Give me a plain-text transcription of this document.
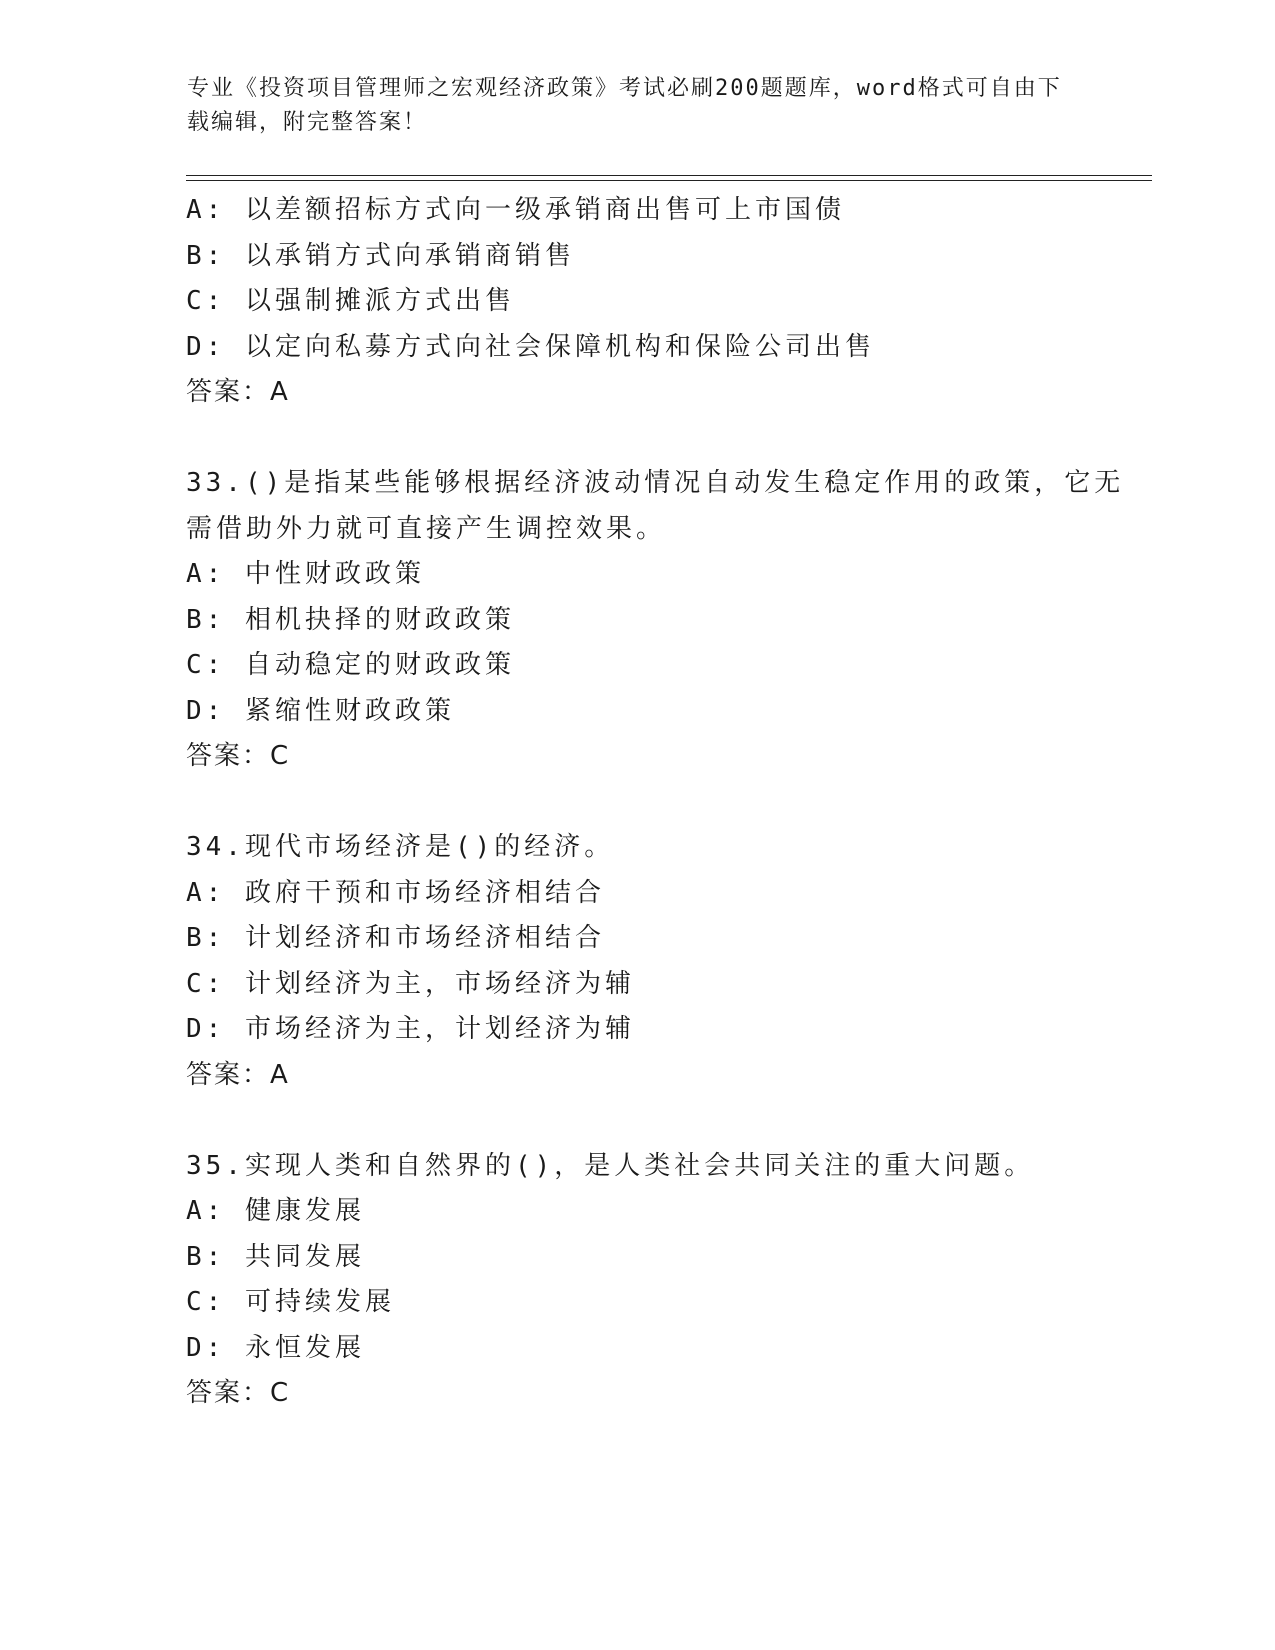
专业《投资项目管理师之宏观经济政策》考试必刷200题题库，word格式可自由下载编辑，附完整答案！
A: 以差额招标方式向一级承销商出售可上市国债
B: 以承销方式向承销商销售
C: 以强制摊派方式出售
D: 以定向私募方式向社会保障机构和保险公司出售
答案：A
33.()是指某些能够根据经济波动情况自动发生稳定作用的政策，它无需借助外力就可直接产生调控效果。
A: 中性财政政策
B: 相机抉择的财政政策
C: 自动稳定的财政政策
D: 紧缩性财政政策
答案：C
34.现代市场经济是()的经济。
A: 政府干预和市场经济相结合
B: 计划经济和市场经济相结合
C: 计划经济为主，市场经济为辅
D: 市场经济为主，计划经济为辅
答案：A
35.实现人类和自然界的()，是人类社会共同关注的重大问题。
A: 健康发展
B: 共同发展
C: 可持续发展
D: 永恒发展
答案：C
